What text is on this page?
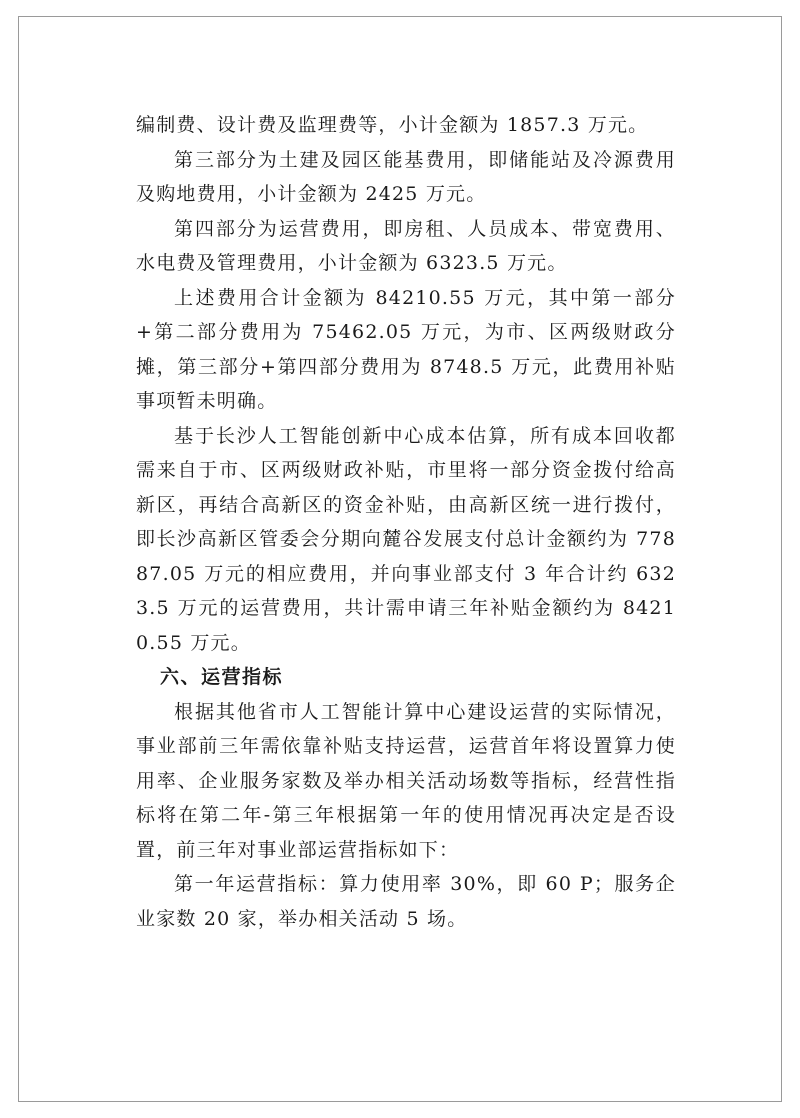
编制费、设计费及监理费等，小计金额为 1857.3 万元。

第三部分为土建及园区能基费用，即储能站及冷源费用及购地费用，小计金额为 2425 万元。

第四部分为运营费用，即房租、人员成本、带宽费用、水电费及管理费用，小计金额为 6323.5 万元。

上述费用合计金额为 84210.55 万元，其中第一部分+第二部分费用为 75462.05 万元，为市、区两级财政分摊，第三部分+第四部分费用为 8748.5 万元，此费用补贴事项暂未明确。

基于长沙人工智能创新中心成本估算，所有成本回收都需来自于市、区两级财政补贴，市里将一部分资金拨付给高新区，再结合高新区的资金补贴，由高新区统一进行拨付，即长沙高新区管委会分期向麓谷发展支付总计金额约为 77887.05 万元的相应费用，并向事业部支付 3 年合计约 6323.5 万元的运营费用，共计需申请三年补贴金额约为 84210.55 万元。

六、运营指标

根据其他省市人工智能计算中心建设运营的实际情况，事业部前三年需依靠补贴支持运营，运营首年将设置算力使用率、企业服务家数及举办相关活动场数等指标，经营性指标将在第二年-第三年根据第一年的使用情况再决定是否设置，前三年对事业部运营指标如下：

第一年运营指标：算力使用率 30%，即 60 P；服务企业家数 20 家，举办相关活动 5 场。
